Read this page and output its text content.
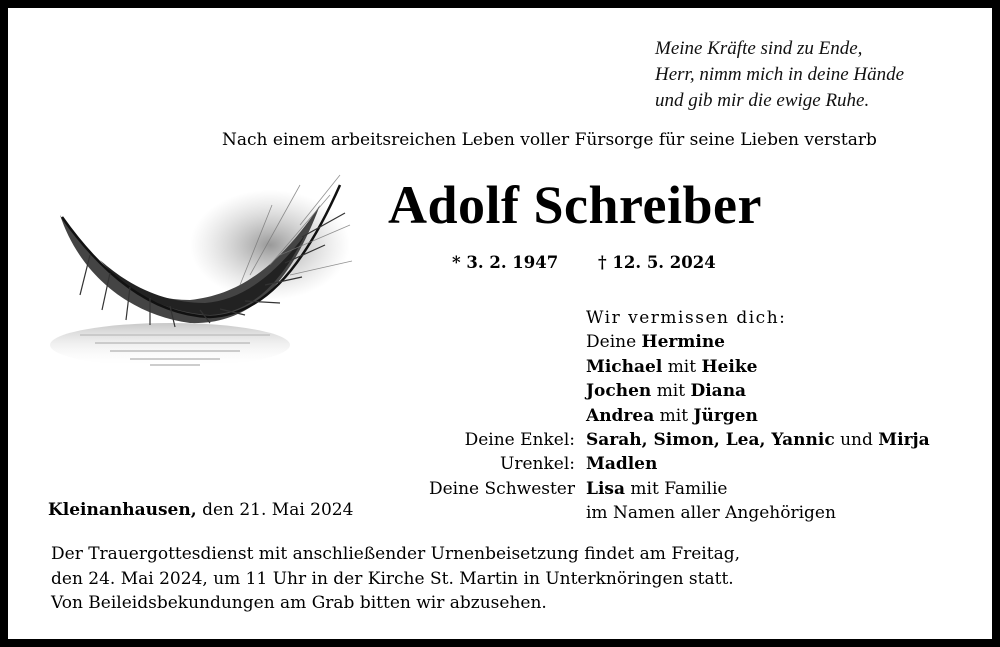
Meine Kräfte sind zu Ende,
Herr, nimm mich in deine Hände
und gib mir die ewige Ruhe.
Nach einem arbeitsreichen Leben voller Fürsorge für seine Lieben verstarb
Adolf Schreiber
* 3. 2. 1947 † 12. 5. 2024
Deine Enkel:
Urenkel:
Deine Schwester
Wir vermissen dich:
Deine Hermine
Michael mit Heike
Jochen mit Diana
Andrea mit Jürgen
Sarah, Simon, Lea, Yannic und Mirja
Madlen
Lisa mit Familie
im Namen aller Angehörigen
Kleinanhausen, den 21. Mai 2024
Der Trauergottesdienst mit anschließender Urnenbeisetzung findet am Freitag,
den 24. Mai 2024, um 11 Uhr in der Kirche St. Martin in Unterknöringen statt.
Von Beileidsbekundungen am Grab bitten wir abzusehen.
